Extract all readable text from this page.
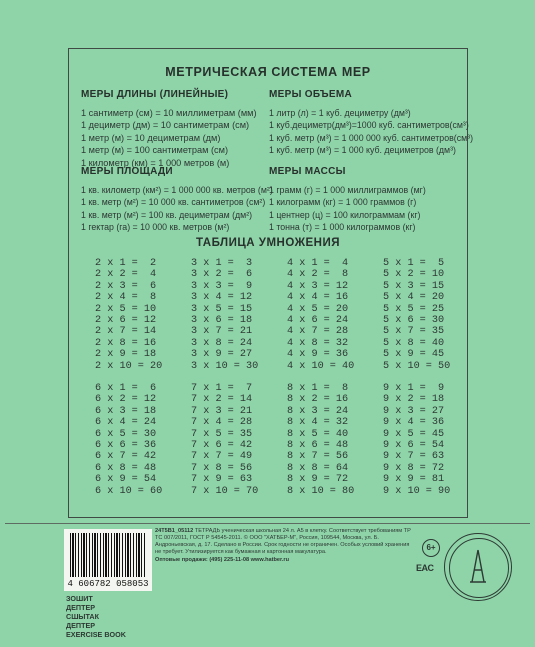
МЕТРИЧЕСКАЯ СИСТЕМА МЕР
МЕРЫ ДЛИНЫ (ЛИНЕЙНЫЕ)
1 сантиметр (см) = 10 миллиметрам (мм)
1 дециметр (дм) = 10 сантиметрам (см)
1 метр (м) = 10 дециметрам (дм)
1 метр (м) = 100 сантиметрам (см)
1 километр (км) = 1 000 метров (м)
МЕРЫ ОБЪЕМА
1 литр (л) = 1 куб. дециметру (дм³)
1 куб.дециметр(дм³)=1000 куб. сантиметров(см³)
1 куб. метр (м³) = 1 000 000 куб. сантиметров(см³)
1 куб. метр (м³) = 1 000 куб. дециметров (дм³)
МЕРЫ ПЛОЩАДИ
1 кв. километр (км²) = 1 000 000 кв. метров (м²)
1 кв. метр (м²) = 10 000 кв. сантиметров (см²)
1 кв. метр (м²) = 100 кв. дециметрам (дм²)
1 гектар (га) = 10 000 кв. метров (м²)
МЕРЫ МАССЫ
1 грамм (г) = 1 000 миллиграммов (мг)
1 килограмм (кг) = 1 000 граммов (г)
1 центнер (ц) = 100 килограммам (кг)
1 тонна (т) = 1 000 килограммов (кг)
ТАБЛИЦА УМНОЖЕНИЯ
2 x 1 =  2
2 x 2 =  4
2 x 3 =  6
2 x 4 =  8
2 x 5 = 10
2 x 6 = 12
2 x 7 = 14
2 x 8 = 16
2 x 9 = 18
2 x 10 = 20
3 x 1 =  3
3 x 2 =  6
3 x 3 =  9
3 x 4 = 12
3 x 5 = 15
3 x 6 = 18
3 x 7 = 21
3 x 8 = 24
3 x 9 = 27
3 x 10 = 30
4 x 1 =  4
4 x 2 =  8
4 x 3 = 12
4 x 4 = 16
4 x 5 = 20
4 x 6 = 24
4 x 7 = 28
4 x 8 = 32
4 x 9 = 36
4 x 10 = 40
5 x 1 =  5
5 x 2 = 10
5 x 3 = 15
5 x 4 = 20
5 x 5 = 25
5 x 6 = 30
5 x 7 = 35
5 x 8 = 40
5 x 9 = 45
5 x 10 = 50
6 x 1 =  6
6 x 2 = 12
6 x 3 = 18
6 x 4 = 24
6 x 5 = 30
6 x 6 = 36
6 x 7 = 42
6 x 8 = 48
6 x 9 = 54
6 x 10 = 60
7 x 1 =  7
7 x 2 = 14
7 x 3 = 21
7 x 4 = 28
7 x 5 = 35
7 x 6 = 42
7 x 7 = 49
7 x 8 = 56
7 x 9 = 63
7 x 10 = 70
8 x 1 =  8
8 x 2 = 16
8 x 3 = 24
8 x 4 = 32
8 x 5 = 40
8 x 6 = 48
8 x 7 = 56
8 x 8 = 64
8 x 9 = 72
8 x 10 = 80
9 x 1 =  9
9 x 2 = 18
9 x 3 = 27
9 x 4 = 36
9 x 5 = 45
9 x 6 = 54
9 x 7 = 63
9 x 8 = 72
9 x 9 = 81
9 x 10 = 90
4 606782 058053
24Т5В1_05112 ТЕТРАДЬ ученическая школьная 24 л. А5 в клетку. Соответствует требованиям ТР ТС 007/2011, ГОСТ Р 54545-2011. © ООО "ХАТБЕР-М", Россия, 109544, Москва, ул. Б. Андроньевская, д. 17. Сделано в России. Срок годности не ограничен. Особых условий хранения не требует. Утилизируется как бумажная и картонная макулатура.
Оптовые продажи: (495) 225-11-08 www.hatber.ru
6+
EAC
ЗОШИТ
ДЕПТЕР
СШЫТАК
ДЕПТЕР
EXERCISE BOOK
